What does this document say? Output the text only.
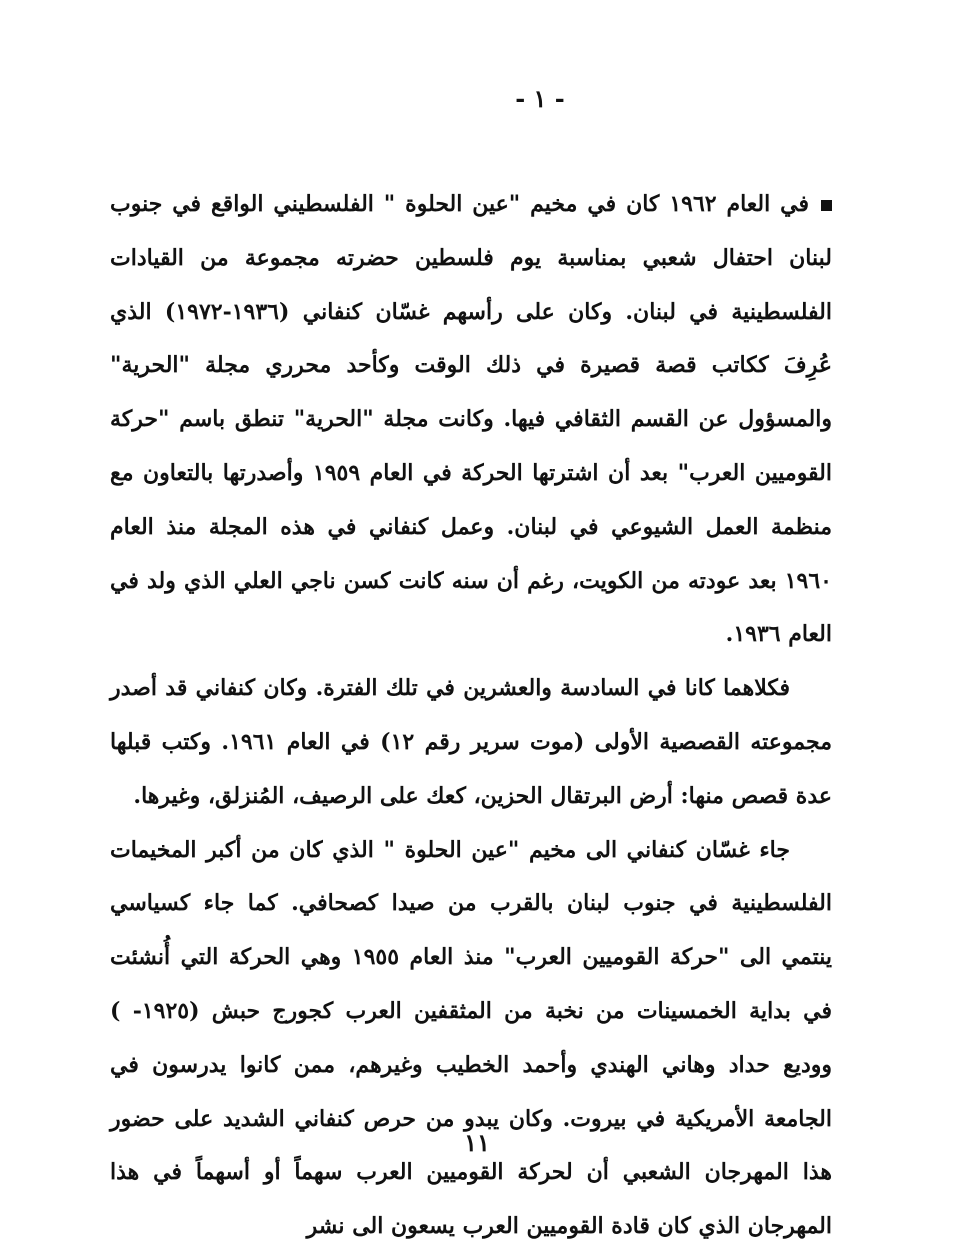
- ١ -

في العام ١٩٦٢ كان في مخيم "عين الحلوة " الفلسطيني الواقع في جنوب لبنان احتفال شعبي بمناسبة يوم فلسطين حضرته مجموعة من القيادات الفلسطينية في لبنان. وكان على رأسهم غسّان كنفاني (١٩٣٦-١٩٧٢) الذي عُرِفَ ككاتب قصة قصيرة في ذلك الوقت وكأحد محرري مجلة "الحرية" والمسؤول عن القسم الثقافي فيها. وكانت مجلة "الحرية" تنطق باسم "حركة القوميين العرب" بعد أن اشترتها الحركة في العام ١٩٥٩ وأصدرتها بالتعاون مع منظمة العمل الشيوعي في لبنان. وعمل كنفاني في هذه المجلة منذ العام ١٩٦٠ بعد عودته من الكويت، رغم أن سنه كانت كسن ناجي العلي الذي ولد في العام ١٩٣٦.

فكلاهما كانا في السادسة والعشرين في تلك الفترة. وكان كنفاني قد أصدر مجموعته القصصية الأولى (موت سرير رقم ١٢) في العام ١٩٦١. وكتب قبلها عدة قصص منها: أرض البرتقال الحزين، كعك على الرصيف، المُنزلق، وغيرها.

جاء غسّان كنفاني الى مخيم "عين الحلوة " الذي كان من أكبر المخيمات الفلسطينية في جنوب لبنان بالقرب من صيدا كصحافي. كما جاء كسياسي ينتمي الى "حركة القوميين العرب" منذ العام ١٩٥٥ وهي الحركة التي أُنشئت في بداية الخمسينات من نخبة من المثقفين العرب كجورج حبش (١٩٢٥- ) ووديع حداد وهاني الهندي وأحمد الخطيب وغيرهم، ممن كانوا يدرسون في الجامعة الأمريكية في بيروت. وكان يبدو من حرص كنفاني الشديد على حضور هذا المهرجان الشعبي أن لحركة القوميين العرب سهماً أو أسهماً في هذا المهرجان الذي كان قادة القوميين العرب يسعون الى نشر

١١
